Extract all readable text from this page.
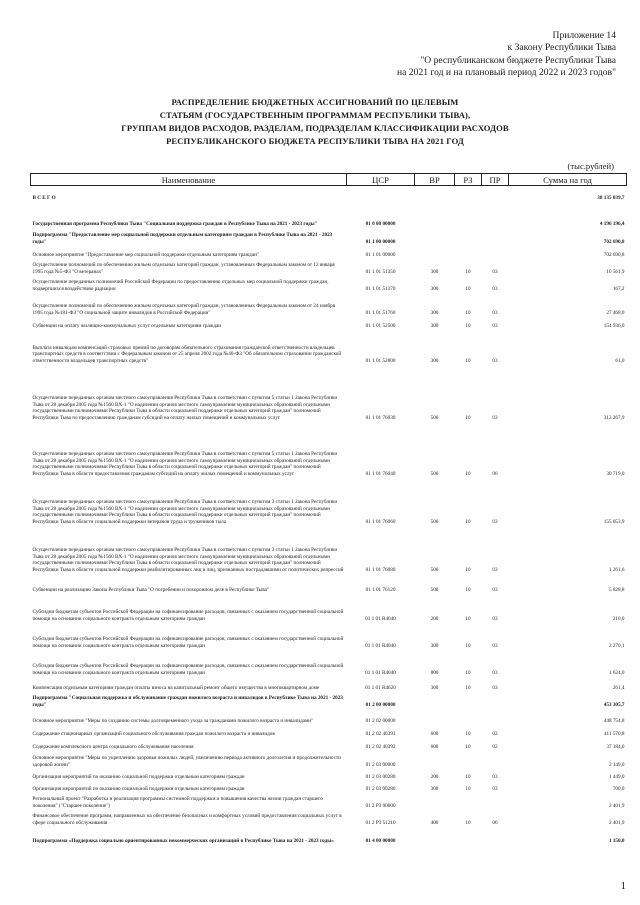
Приложение 14
к Закону Республики Тыва
"О республиканском бюджете Республики Тыва
на 2021 год и на плановый период 2022 и 2023 годов"
РАСПРЕДЕЛЕНИЕ БЮДЖЕТНЫХ АССИГНОВАНИЙ ПО ЦЕЛЕВЫМ
СТАТЬЯМ (ГОСУДАРСТВЕННЫМ ПРОГРАММАМ РЕСПУБЛИКИ ТЫВА),
ГРУППАМ ВИДОВ РАСХОДОВ, РАЗДЕЛАМ, ПОДРАЗДЕЛАМ КЛАССИФИКАЦИИ РАСХОДОВ
РЕСПУБЛИКАНСКОГО БЮДЖЕТА РЕСПУБЛИКИ ТЫВА НА 2021 ГОД
(тыс.рублей)
Наименование	ЦСР	ВР	РЗ	ПР	Сумма на год
В С Е Г О					38 135 039,7
Государственная программа Республики Тыва "Социальная поддержка граждан в Республике Тыва на 2021 - 2023 годы"	01 0 00 00000				4 196 196,4
Подпрограмма "Предоставление мер социальной поддержки отдельным категориям граждан в Республике Тыва на 2021 - 2023 годы"	01 1 00 00000				702 690,8
Основное мероприятие "Предоставление мер социальной поддержки отдельным категориям граждан"	01 1 01 00000				702 690,8
Осуществление полномочий по обеспечению жильем отдельных категорий граждан, установленных Федеральным законом от 12 января 1995 года №5-ФЗ "О ветеранах"	01 1 01 51350	300	10	03	10 561,9
Осуществление переданных полномочий Российской Федерации по предоставлению отдельных мер социальной поддержки граждан, подвергшихся воздействию радиации	01 1 01 51370	300	10	03	167,2
Осуществление полномочий по обеспечению жильем отдельных категорий граждан, установленных Федеральным законом от 24 ноября 1995 года №181-ФЗ "О социальной защите инвалидов в Российской Федерации"	01 1 01 51760	300	10	03	27 468,0
Субвенции на оплату жилищно-коммунальных услуг отдельным категориям граждан	01 1 01 52500	300	10	03	154 936,0
Выплата инвалидам компенсаций страховых премий по договорам обязательного страхования гражданской ответственности владельцев транспортных средств в соответствии с Федеральным законом от 25 апреля 2002 года №40-ФЗ "Об обязательном страховании гражданской ответственности владельцев транспортных средств"	01 1 01 52800	300	10	03	61,0
Осуществление переданных органам местного самоуправления Республики Тыва в соответствии с пунктом 5 статьи 1 Закона Республики Тыва от 28 декабря 2005 года №1560 ВХ-1 "О наделении органов местного самоуправления муниципальных образований отдельными государственными полномочиями Республики Тыва в области социальной поддержки отдельных категорий граждан" полномочий Республики Тыва по предоставлению гражданам субсидий на оплату жилых помещений и коммунальных услуг	01 1 01 76030	500	10	03	312 267,9
Осуществление переданных органам местного самоуправления Республики Тыва в соответствии с пунктом 5 статьи 1 Закона Республики Тыва от 28 декабря 2005 года №1560 ВХ-1 "О наделении органов местного самоуправления муниципальных образований отдельными государственными полномочиями Республики Тыва в области социальной поддержки отдельных категорий граждан" полномочий Республики Тыва в области предоставления гражданам субсидий на оплату жилых помещений и коммунальных услуг	01 1 01 76040	500	10	06	30 719,0
Осуществление переданных органам местного самоуправления Республики Тыва в соответствии с пунктом 3 статьи 1 Закона Республики Тыва от 28 декабря 2005 года №1560 ВХ-1 "О наделении органов местного самоуправления муниципальных образований отдельными государственными полномочиями Республики Тыва в области социальной поддержки отдельных категорий граждан" полномочий Республики Тыва в области социальной поддержки ветеранов труда и тружеников тыла	01 1 01 76060	500	10	03	155 053,9
Осуществление переданных органам местного самоуправления Республики Тыва в соответствии с пунктом 3 статьи 1 Закона Республики Тыва от 28 декабря 2005 года №1560 ВХ-1 "О наделении органов местного самоуправления муниципальных образований отдельными государственными полномочиями Республики Тыва в области социальной поддержки отдельных категорий граждан" полномочий Республики Тыва в области социальной поддержки реабилитированных лиц и лиц, признанных пострадавшими от политических репрессий	01 1 01 76080	500	10	03	1 261,6
Субвенции на реализацию Закона Республики Тыва "О погребении и похоронном деле в Республике Тыва"	01 1 01 76120	500	10	03	5 828,8
Субсидии бюджетам субъектов Российской Федерации на софинансирование расходов, связанных с оказанием государственной социальной помощи на основании социального контракта отдельным категориям граждан	01 1 01 R4040	200	10	03	210,0
Субсидии бюджетам субъектов Российской Федерации на софинансирование расходов, связанных с оказанием государственной социальной помощи на основании социального контракта отдельным категориям граждан	01 1 01 R4040	300	10	03	2 270,1
Субсидии бюджетам субъектов Российской Федерации на софинансирование расходов, связанных с оказанием государственной социальной помощи на основании социального контракта отдельным категориям граждан	01 1 01 R4040	800	10	03	1 624,0
Компенсация отдельным категориям граждан оплаты взноса на капитальный ремонт общего имущества в многоквартирном доме	01 1 01 R4620	300	10	03	261,4
Подпрограмма "Социальная поддержка и обслуживание граждан пожилого возраста и инвалидов в Республике Тыва на 2021 - 2023 годы"	01 2 00 00000				453 305,7
Основное мероприятие "Меры по созданию системы долговременного ухода за гражданами пожилого возраста и инвалидами"	01 2 02 00000				448 754,8
Содержание стационарных организаций социального обслуживания граждан пожилого возраста и инвалидов	01 2 02 40391	600	10	02	411 570,8
Содержание комплексного центра социального обслуживания населения	01 2 02 40392	600	10	02	37 184,0
Основное мероприятие "Меры по укреплению здоровья пожилых людей, увеличению периода активного долголетия и продолжительности здоровой жизни"	01 2 03 00000				2 149,0
Организация мероприятий по оказанию социальной поддержки отдельным категориям граждан	01 2 03 00280	200	10	03	1 449,0
Организация мероприятий по оказанию социальной поддержки отдельным категориям граждан	01 2 03 00280	300	10	03	700,0
Региональный проект "Разработка и реализация программы системной поддержки и повышения качества жизни граждан старшего поколения" ("Старшее поколение")	01 2 P3 00000				2 401,9
Финансовое обеспечение программ, направленных на обеспечение безопасных и комфортных условий предоставления социальных услуг в сфере социального обслуживания	01 2 P3 51210	400	10	06	2 401,9
Подпрограмма «Поддержка социально ориентированных некоммерческих организаций в Республике Тыва на 2021 - 2023 годы»	01 4 00 00000				1 150,0
1
